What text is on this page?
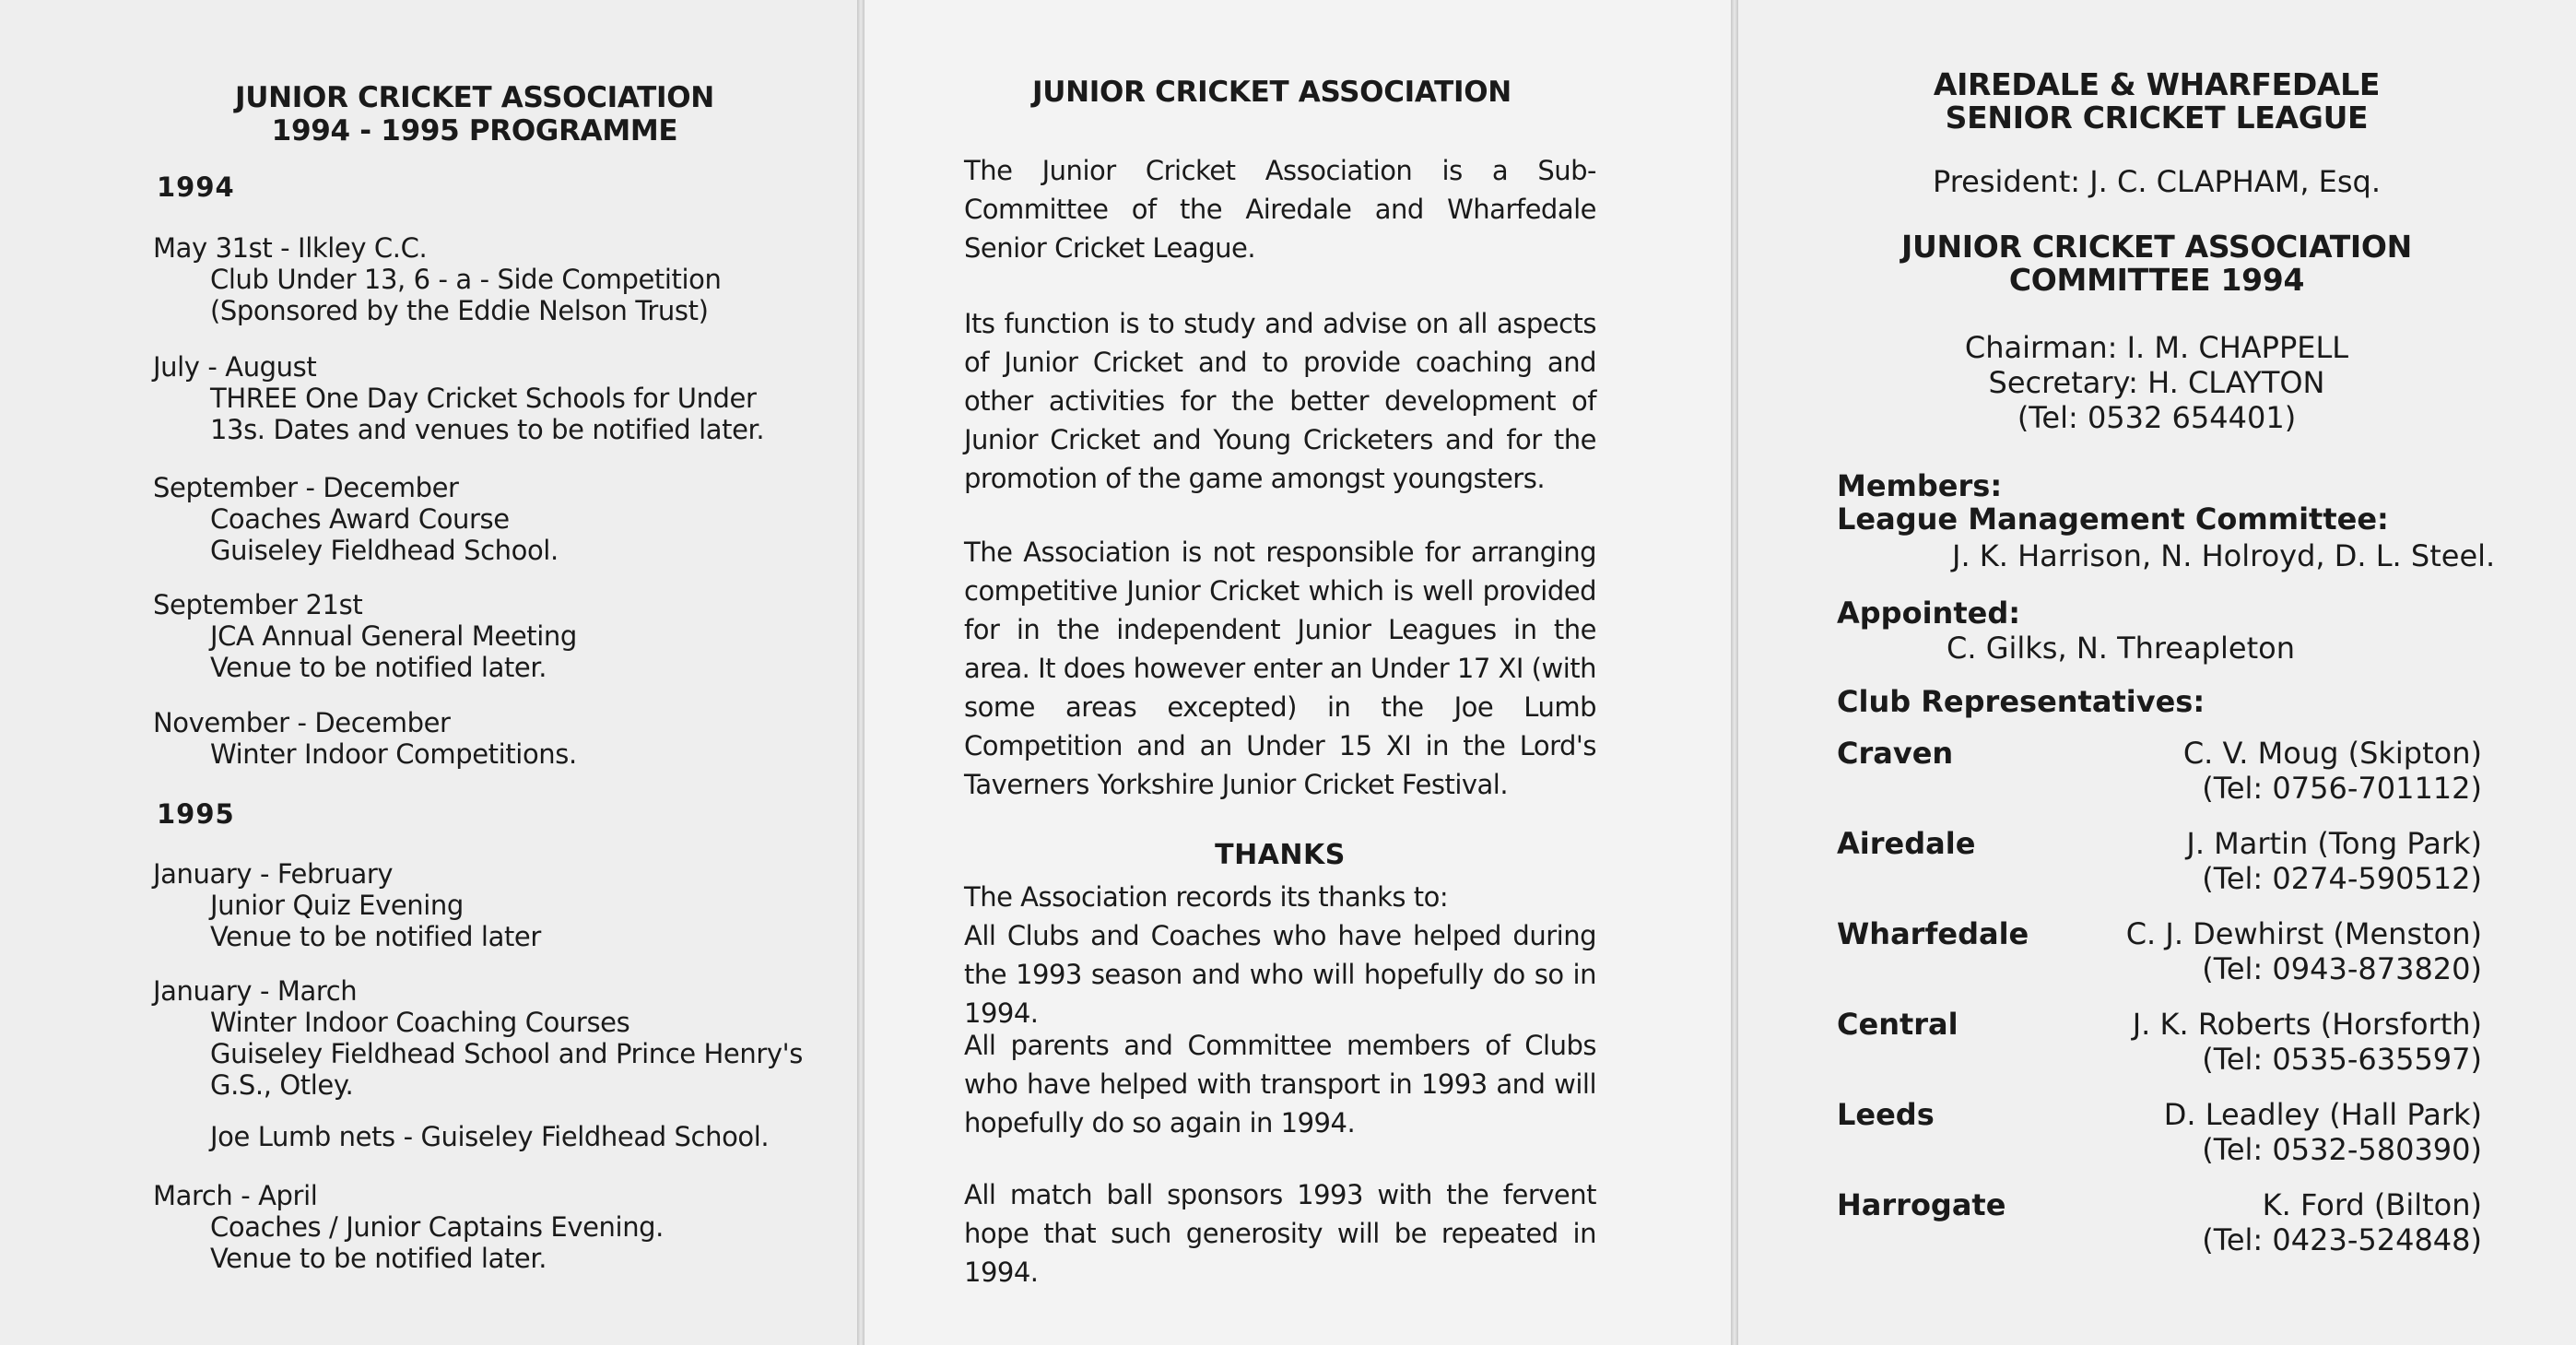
JUNIOR CRICKET ASSOCIATION
1994 - 1995 PROGRAMME
1994
May 31st - Ilkley C.C.
Club Under 13, 6 - a - Side Competition
(Sponsored by the Eddie Nelson Trust)
July - August
THREE One Day Cricket Schools for Under
13s. Dates and venues to be notified later.
September - December
Coaches Award Course
Guiseley Fieldhead School.
September 21st
JCA Annual General Meeting
Venue to be notified later.
November - December
Winter Indoor Competitions.
1995
January - February
Junior Quiz Evening
Venue to be notified later
January - March
Winter Indoor Coaching Courses
Guiseley Fieldhead School and Prince Henry's
G.S., Otley.
Joe Lumb nets - Guiseley Fieldhead School.
March - April
Coaches / Junior Captains Evening.
Venue to be notified later.
JUNIOR CRICKET ASSOCIATION
The Junior Cricket Association is a Sub-Committee of the Airedale and Wharfedale Senior Cricket League.
Its function is to study and advise on all aspects of Junior Cricket and to provide coaching and other activities for the better development of Junior Cricket and Young Cricketers and for the promotion of the game amongst youngsters.
The Association is not responsible for arranging competitive Junior Cricket which is well provided for in the independent Junior Leagues in the area. It does however enter an Under 17 XI (with some areas excepted) in the Joe Lumb Competition and an Under 15 XI in the Lord's Taverners Yorkshire Junior Cricket Festival.
THANKS
The Association records its thanks to:
All Clubs and Coaches who have helped during the 1993 season and who will hopefully do so in 1994.
All parents and Committee members of Clubs who have helped with transport in 1993 and will hopefully do so again in 1994.
All match ball sponsors 1993 with the fervent hope that such generosity will be repeated in 1994.
AIREDALE & WHARFEDALE
SENIOR CRICKET LEAGUE
President: J. C. CLAPHAM, Esq.
JUNIOR CRICKET ASSOCIATION
COMMITTEE 1994
Chairman: I. M. CHAPPELL
Secretary: H. CLAYTON
(Tel: 0532 654401)
Members:
League Management Committee:
J. K. Harrison, N. Holroyd, D. L. Steel.
Appointed:
C. Gilks, N. Threapleton
Club Representatives:
Craven	C. V. Moug (Skipton)
(Tel: 0756-701112)
Airedale	J. Martin (Tong Park)
(Tel: 0274-590512)
Wharfedale	C. J. Dewhirst (Menston)
(Tel: 0943-873820)
Central	J. K. Roberts (Horsforth)
(Tel: 0535-635597)
Leeds	D. Leadley (Hall Park)
(Tel: 0532-580390)
Harrogate	K. Ford (Bilton)
(Tel: 0423-524848)
